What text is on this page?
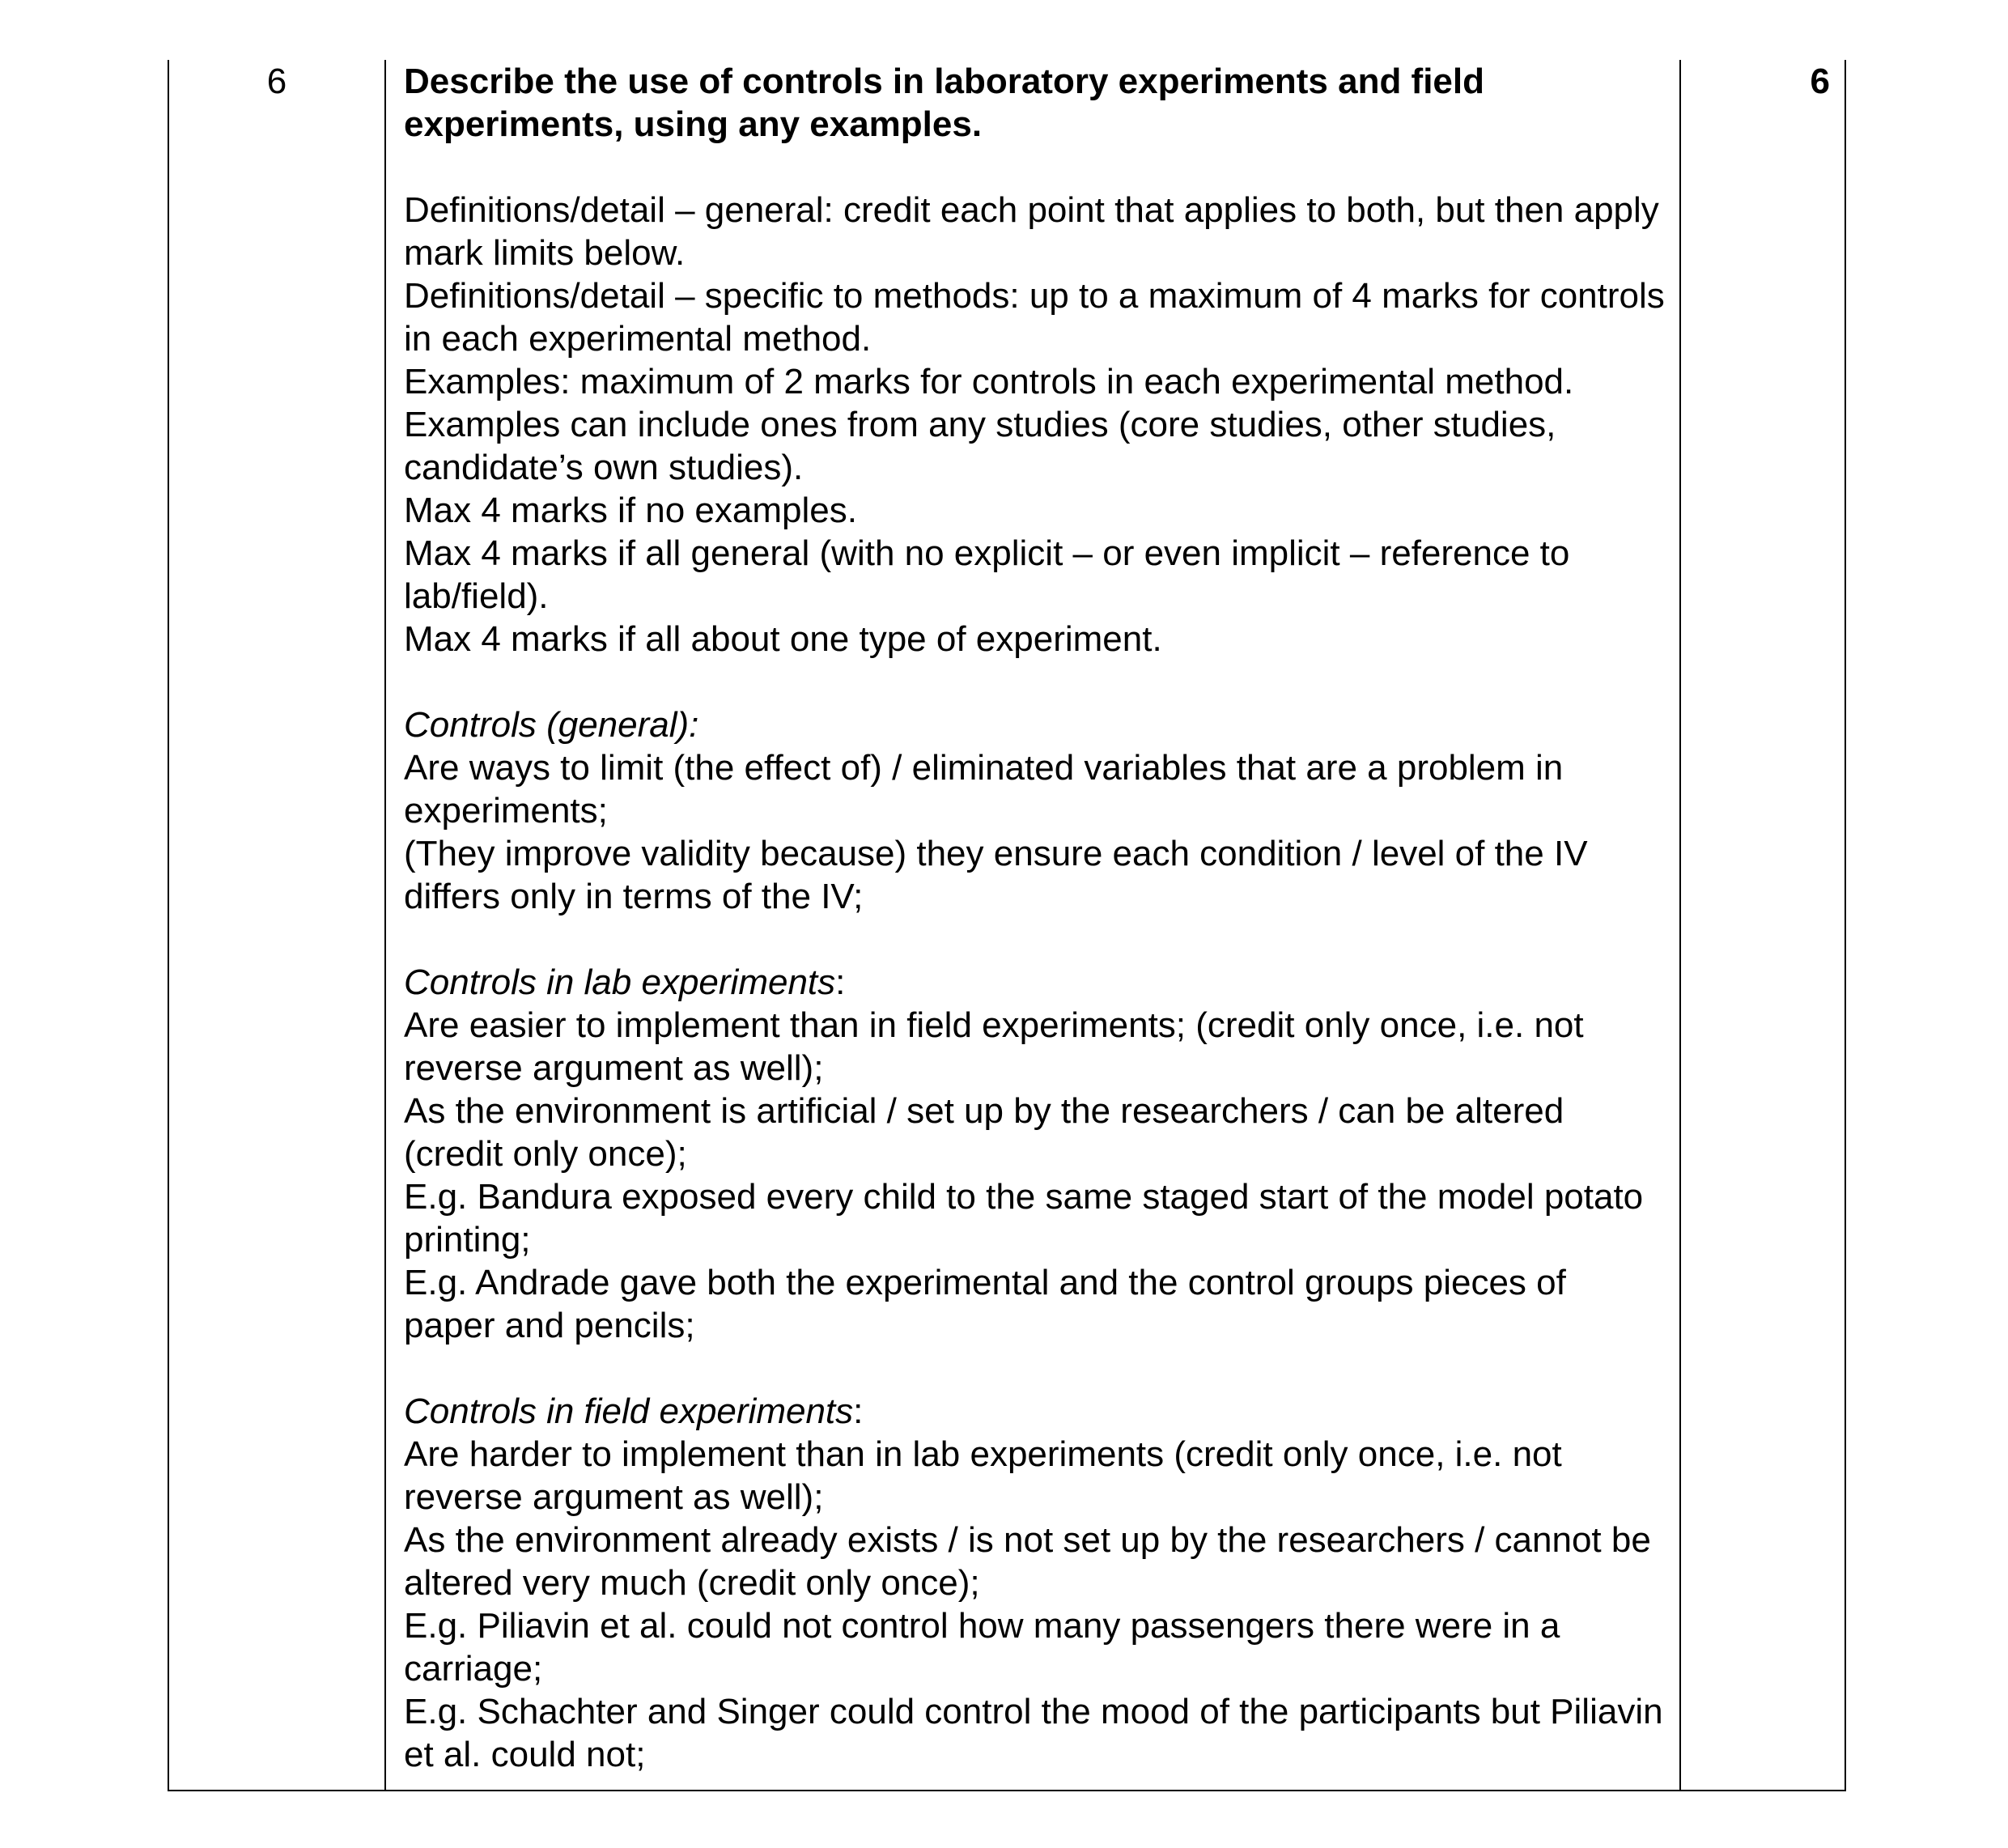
6	Describe the use of controls in laboratory experiments and field experiments, using any examples.

Definitions/detail – general: credit each point that applies to both, but then apply mark limits below.

Definitions/detail – specific to methods: up to a maximum of 4 marks for controls in each experimental method.

Examples: maximum of 2 marks for controls in each experimental method.

Examples can include ones from any studies (core studies, other studies, candidate’s own studies).

Max 4 marks if no examples.

Max 4 marks if all general (with no explicit – or even implicit – reference to lab/field).

Max 4 marks if all about one type of experiment.

Controls (general):

Are ways to limit (the effect of) / eliminated variables that are a problem in experiments;

(They improve validity because) they ensure each condition / level of the IV differs only in terms of the IV;

Controls in lab experiments:

Are easier to implement than in field experiments; (credit only once, i.e. not reverse argument as well);

As the environment is artificial / set up by the researchers / can be altered (credit only once);

E.g. Bandura exposed every child to the same staged start of the model potato printing;

E.g. Andrade gave both the experimental and the control groups pieces of paper and pencils;

Controls in field experiments:

Are harder to implement than in lab experiments (credit only once, i.e. not reverse argument as well);

As the environment already exists / is not set up by the researchers / cannot be altered very much (credit only once);

E.g. Piliavin et al. could not control how many passengers there were in a carriage;

E.g. Schachter and Singer could control the mood of the participants but Piliavin et al. could not;

6
